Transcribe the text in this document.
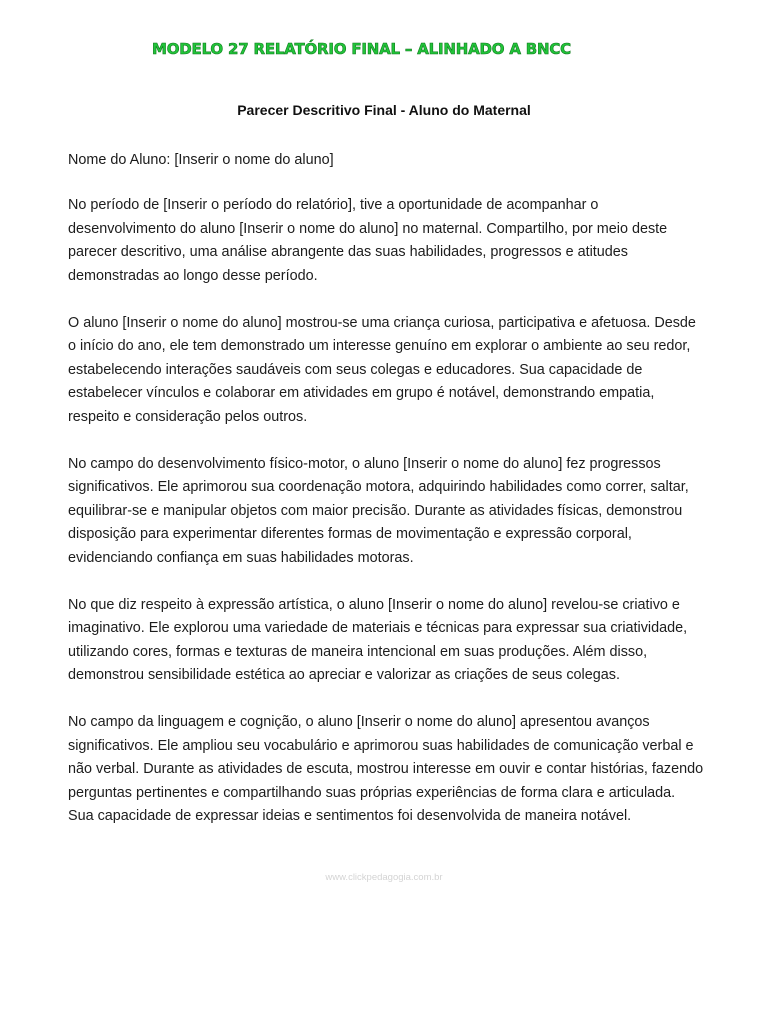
MODELO 27 RELATÓRIO FINAL – ALINHADO A BNCC
Parecer Descritivo Final - Aluno do Maternal

Nome do Aluno: [Inserir o nome do aluno]

No período de [Inserir o período do relatório], tive a oportunidade de acompanhar o desenvolvimento do aluno [Inserir o nome do aluno] no maternal. Compartilho, por meio deste parecer descritivo, uma análise abrangente das suas habilidades, progressos e atitudes demonstradas ao longo desse período.

O aluno [Inserir o nome do aluno] mostrou-se uma criança curiosa, participativa e afetuosa. Desde o início do ano, ele tem demonstrado um interesse genuíno em explorar o ambiente ao seu redor, estabelecendo interações saudáveis com seus colegas e educadores. Sua capacidade de estabelecer vínculos e colaborar em atividades em grupo é notável, demonstrando empatia, respeito e consideração pelos outros.

No campo do desenvolvimento físico-motor, o aluno [Inserir o nome do aluno] fez progressos significativos. Ele aprimorou sua coordenação motora, adquirindo habilidades como correr, saltar, equilibrar-se e manipular objetos com maior precisão. Durante as atividades físicas, demonstrou disposição para experimentar diferentes formas de movimentação e expressão corporal, evidenciando confiança em suas habilidades motoras.

No que diz respeito à expressão artística, o aluno [Inserir o nome do aluno] revelou-se criativo e imaginativo. Ele explorou uma variedade de materiais e técnicas para expressar sua criatividade, utilizando cores, formas e texturas de maneira intencional em suas produções. Além disso, demonstrou sensibilidade estética ao apreciar e valorizar as criações de seus colegas.

No campo da linguagem e cognição, o aluno [Inserir o nome do aluno] apresentou avanços significativos. Ele ampliou seu vocabulário e aprimorou suas habilidades de comunicação verbal e não verbal. Durante as atividades de escuta, mostrou interesse em ouvir e contar histórias, fazendo perguntas pertinentes e compartilhando suas próprias experiências de forma clara e articulada. Sua capacidade de expressar ideias e sentimentos foi desenvolvida de maneira notável.

www.clickpedagogia.com.br
